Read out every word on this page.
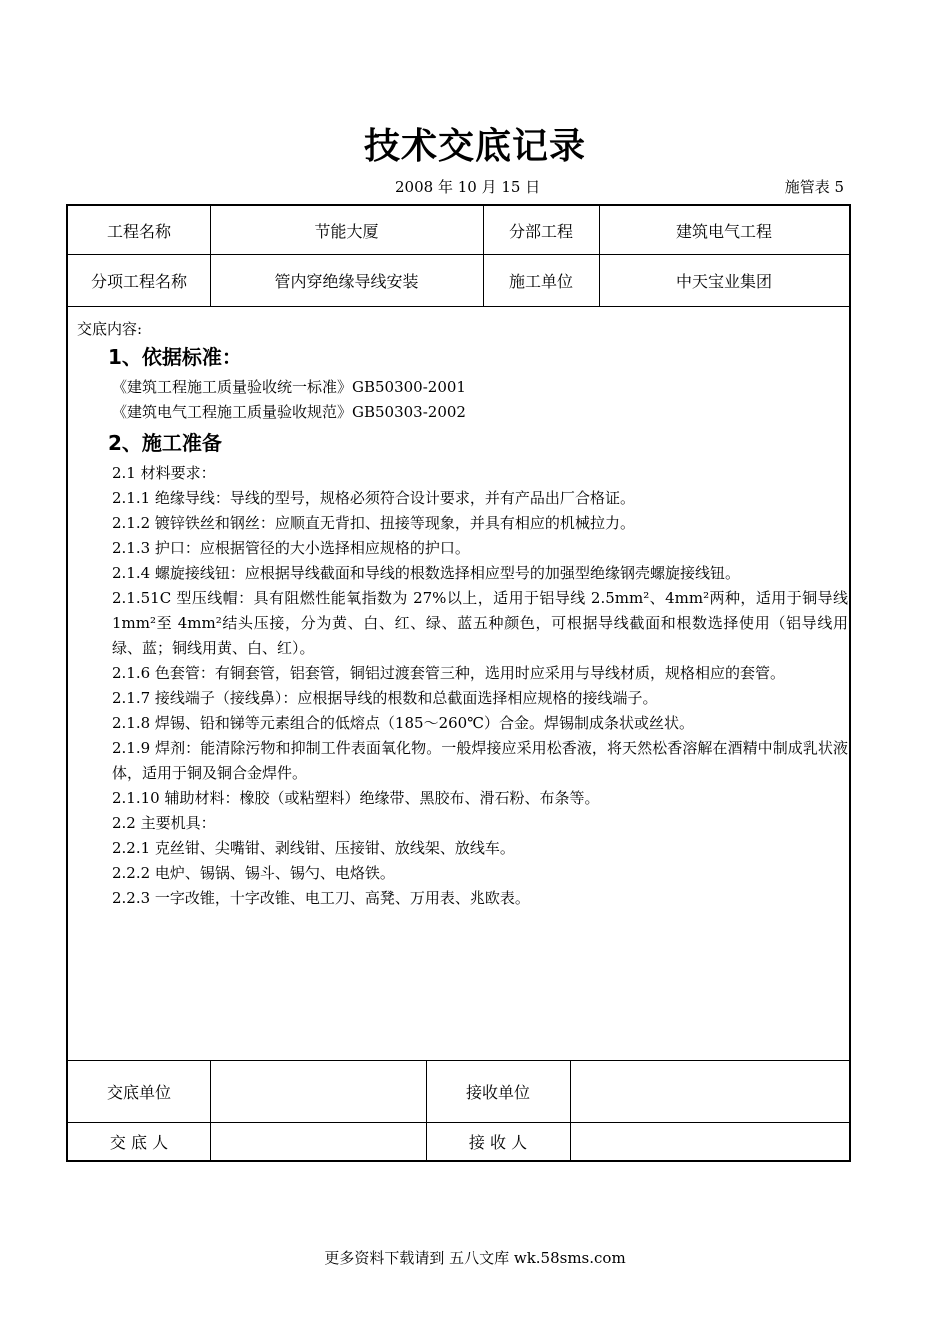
技术交底记录
2008 年 10 月 15 日	施管表 5
工程名称	节能大厦	分部工程	建筑电气工程
分项工程名称	管内穿绝缘导线安装	施工单位	中天宝业集团
交底内容:
1、依据标准：

《建筑工程施工质量验收统一标准》GB50300-2001

《建筑电气工程施工质量验收规范》GB50303-2002

2、施工准备

2.1 材料要求：

2.1.1 绝缘导线：导线的型号，规格必须符合设计要求，并有产品出厂合格证。

2.1.2 镀锌铁丝和钢丝：应顺直无背扣、扭接等现象，并具有相应的机械拉力。

2.1.3 护口：应根据管径的大小选择相应规格的护口。

2.1.4 螺旋接线钮：应根据导线截面和导线的根数选择相应型号的加强型绝缘钢壳螺旋接线钮。

2.1.51C 型压线帽：具有阻燃性能氧指数为 27%以上，适用于铝导线 2.5mm²、4mm²两种，适用于铜导线 1mm²至 4mm²结头压接，分为黄、白、红、绿、蓝五种颜色，可根据导线截面和根数选择使用（铝导线用绿、蓝；铜线用黄、白、红）。

2.1.6 色套管：有铜套管，铝套管，铜铝过渡套管三种，选用时应采用与导线材质，规格相应的套管。

2.1.7 接线端子（接线鼻）：应根据导线的根数和总截面选择相应规格的接线端子。

2.1.8 焊锡、铅和锑等元素组合的低熔点（185～260℃）合金。焊锡制成条状或丝状。

2.1.9 焊剂：能清除污物和抑制工件表面氧化物。一般焊接应采用松香液，将天然松香溶解在酒精中制成乳状液体，适用于铜及铜合金焊件。

2.1.10 辅助材料：橡胶（或粘塑料）绝缘带、黑胶布、滑石粉、布条等。

2.2 主要机具：

2.2.1 克丝钳、尖嘴钳、剥线钳、压接钳、放线架、放线车。

2.2.2 电炉、锡锅、锡斗、锡勺、电烙铁。

2.2.3 一字改锥，十字改锥、电工刀、高凳、万用表、兆欧表。

交底单位	接收单位
交 底 人	接 收 人
更多资料下载请到 五八文库 wk.58sms.com
